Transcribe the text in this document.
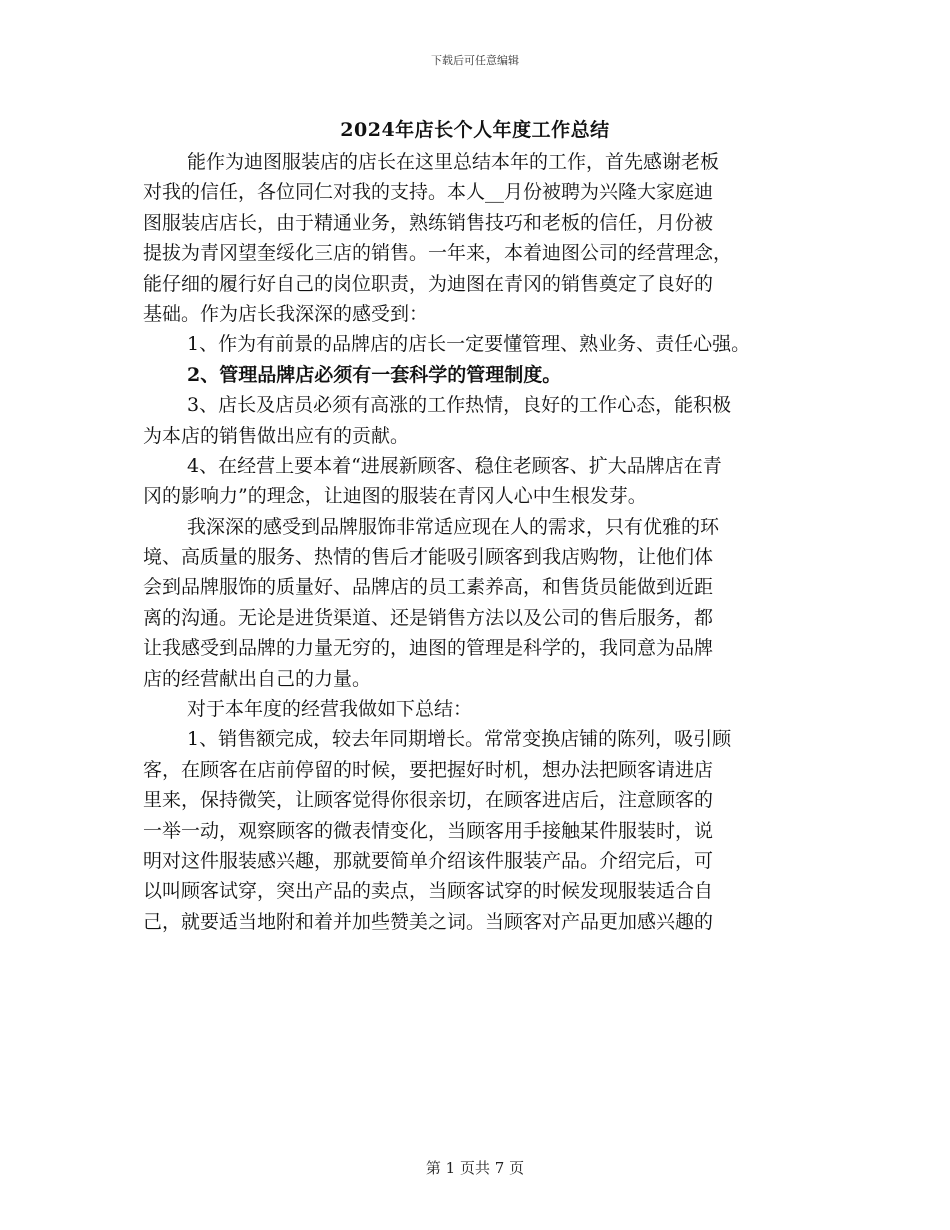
下载后可任意编辑
2024年店长个人年度工作总结
能作为迪图服装店的店长在这里总结本年的工作，首先感谢老板
对我的信任，各位同仁对我的支持。本人__月份被聘为兴隆大家庭迪
图服装店店长，由于精通业务，熟练销售技巧和老板的信任，月份被
提拔为青冈望奎绥化三店的销售。一年来，本着迪图公司的经营理念，
能仔细的履行好自己的岗位职责，为迪图在青冈的销售奠定了良好的
基础。作为店长我深深的感受到：
1、作为有前景的品牌店的店长一定要懂管理、熟业务、责任心强。
2、管理品牌店必须有一套科学的管理制度。
3、店长及店员必须有高涨的工作热情，良好的工作心态，能积极
为本店的销售做出应有的贡献。
4、在经营上要本着“进展新顾客、稳住老顾客、扩大品牌店在青
冈的影响力”的理念，让迪图的服装在青冈人心中生根发芽。
我深深的感受到品牌服饰非常适应现在人的需求，只有优雅的环
境、高质量的服务、热情的售后才能吸引顾客到我店购物，让他们体
会到品牌服饰的质量好、品牌店的员工素养高，和售货员能做到近距
离的沟通。无论是进货渠道、还是销售方法以及公司的售后服务，都
让我感受到品牌的力量无穷的，迪图的管理是科学的，我同意为品牌
店的经营献出自己的力量。
对于本年度的经营我做如下总结：
1、销售额完成，较去年同期增长。常常变换店铺的陈列，吸引顾
客，在顾客在店前停留的时候，要把握好时机，想办法把顾客请进店
里来，保持微笑，让顾客觉得你很亲切，在顾客进店后，注意顾客的
一举一动，观察顾客的微表情变化，当顾客用手接触某件服装时，说
明对这件服装感兴趣，那就要简单介绍该件服装产品。介绍完后，可
以叫顾客试穿，突出产品的卖点，当顾客试穿的时候发现服装适合自
己，就要适当地附和着并加些赞美之词。当顾客对产品更加感兴趣的
第 1 页共 7 页
